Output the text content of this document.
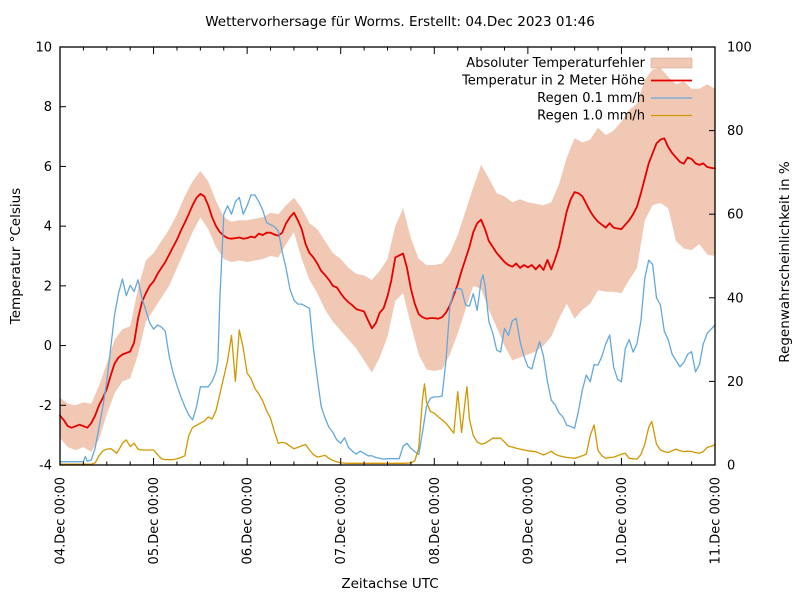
Wettervorhersage für Worms. Erstellt: 04.Dec 2023 01:46
Temperatur °Celsius	Regenwahrscheinlichkeit in %
Zeitachse UTC
04.Dec 00:00	05.Dec 00:00	06.Dec 00:00	07.Dec 00:00	08.Dec 00:00	09.Dec 00:00	10.Dec 00:00	11.Dec 00:00
-4
-2
0
2
4
6
8
10
0
20
40
60
80
100
Absoluter Temperaturfehler
Temperatur in 2 Meter Höhe
Regen 0.1 mm/h
Regen 1.0 mm/h
